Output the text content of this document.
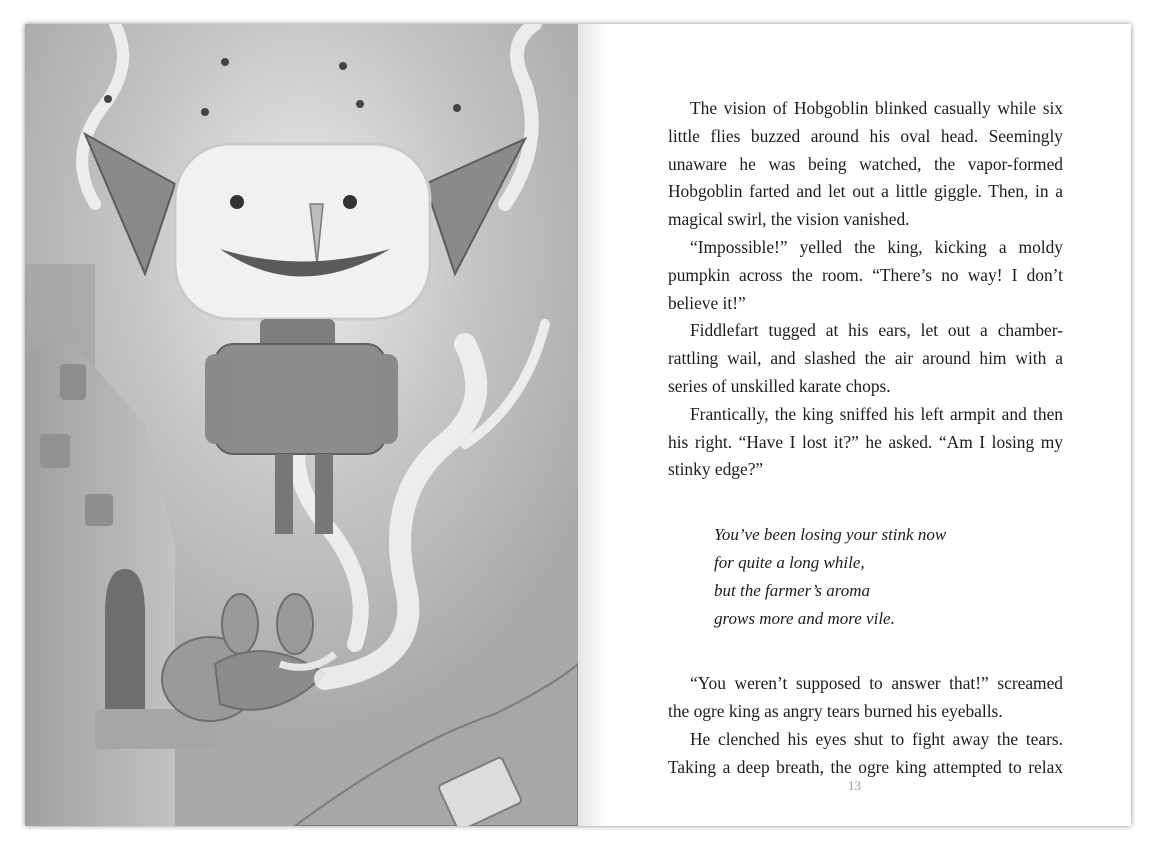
The vision of Hobgoblin blinked casually while six little flies buzzed around his oval head. Seemingly unaware he was being watched, the vapor-formed Hobgoblin farted and let out a little giggle. Then, in a magical swirl, the vision vanished.

“Impossible!” yelled the king, kicking a moldy pumpkin across the room. “There’s no way! I don’t believe it!”

Fiddlefart tugged at his ears, let out a chamber-rattling wail, and slashed the air around him with a series of unskilled karate chops.

Frantically, the king sniffed his left armpit and then his right. “Have I lost it?” he asked. “Am I losing my stinky edge?”

You’ve been losing your stink now
for quite a long while,
but the farmer’s aroma
grows more and more vile.

“You weren’t supposed to answer that!” screamed the ogre king as angry tears burned his eyeballs.

He clenched his eyes shut to fight away the tears. Taking a deep breath, the ogre king attempted to relax

13
